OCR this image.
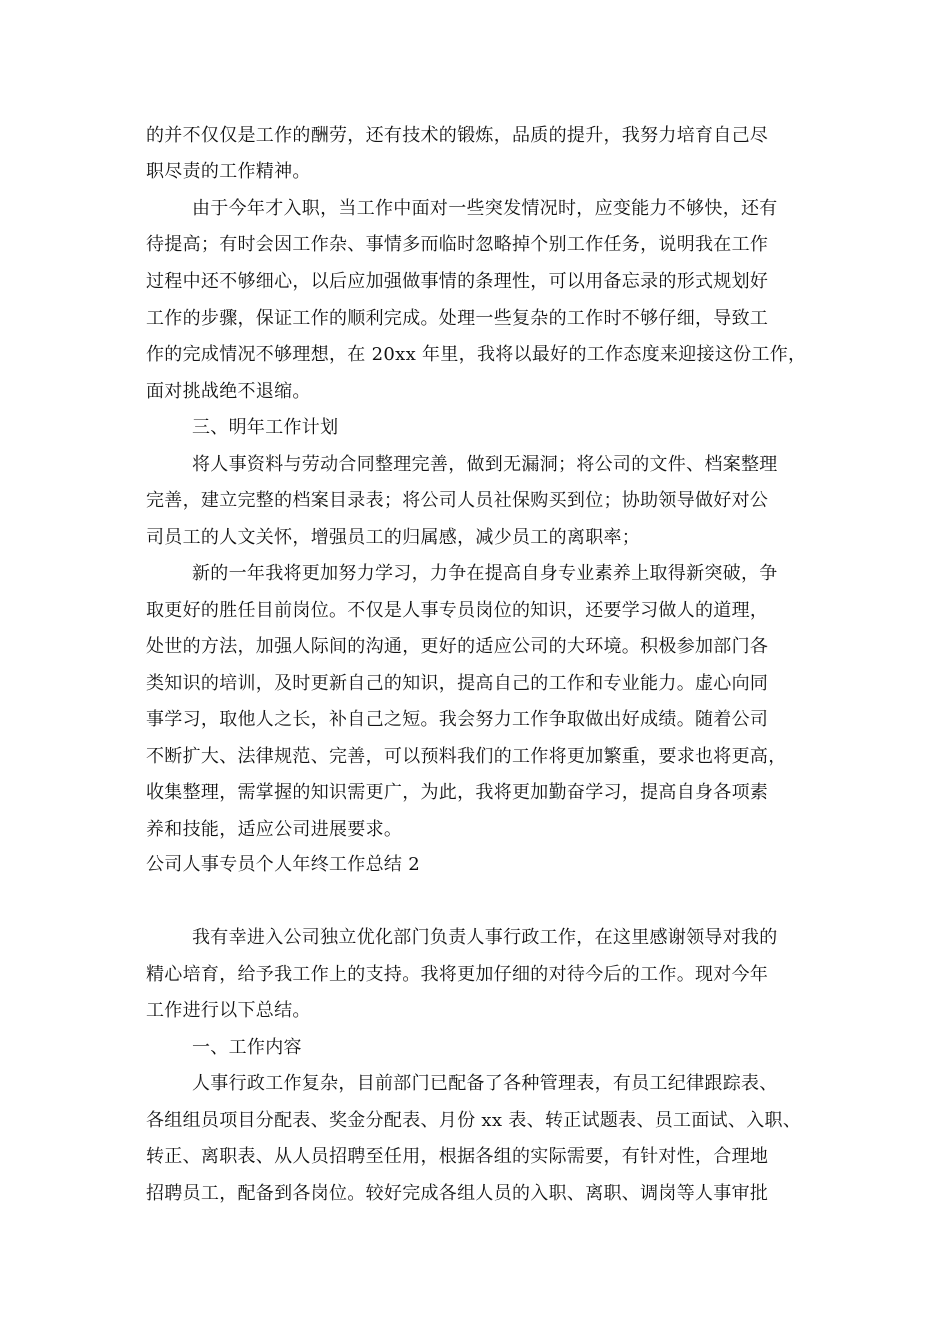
的并不仅仅是工作的酬劳，还有技术的锻炼，品质的提升，我努力培育自己尽
职尽责的工作精神。
由于今年才入职，当工作中面对一些突发情况时，应变能力不够快，还有
待提高；有时会因工作杂、事情多而临时忽略掉个别工作任务，说明我在工作
过程中还不够细心，以后应加强做事情的条理性，可以用备忘录的形式规划好
工作的步骤，保证工作的顺利完成。处理一些复杂的工作时不够仔细，导致工
作的完成情况不够理想，在 20xx 年里，我将以最好的工作态度来迎接这份工作，
面对挑战绝不退缩。
三、明年工作计划
将人事资料与劳动合同整理完善，做到无漏洞；将公司的文件、档案整理
完善，建立完整的档案目录表；将公司人员社保购买到位；协助领导做好对公
司员工的人文关怀，增强员工的归属感，减少员工的离职率；
新的一年我将更加努力学习，力争在提高自身专业素养上取得新突破，争
取更好的胜任目前岗位。不仅是人事专员岗位的知识，还要学习做人的道理，
处世的方法，加强人际间的沟通，更好的适应公司的大环境。积极参加部门各
类知识的培训，及时更新自己的知识，提高自己的工作和专业能力。虚心向同
事学习，取他人之长，补自己之短。我会努力工作争取做出好成绩。随着公司
不断扩大、法律规范、完善，可以预料我们的工作将更加繁重，要求也将更高，
收集整理，需掌握的知识需更广，为此，我将更加勤奋学习，提高自身各项素
养和技能，适应公司进展要求。
公司人事专员个人年终工作总结 2
我有幸进入公司独立优化部门负责人事行政工作，在这里感谢领导对我的
精心培育，给予我工作上的支持。我将更加仔细的对待今后的工作。现对今年
工作进行以下总结。
一、工作内容
人事行政工作复杂，目前部门已配备了各种管理表，有员工纪律跟踪表、
各组组员项目分配表、奖金分配表、月份 xx 表、转正试题表、员工面试、入职、
转正、离职表、从人员招聘至任用，根据各组的实际需要，有针对性，合理地
招聘员工，配备到各岗位。较好完成各组人员的入职、离职、调岗等人事审批
